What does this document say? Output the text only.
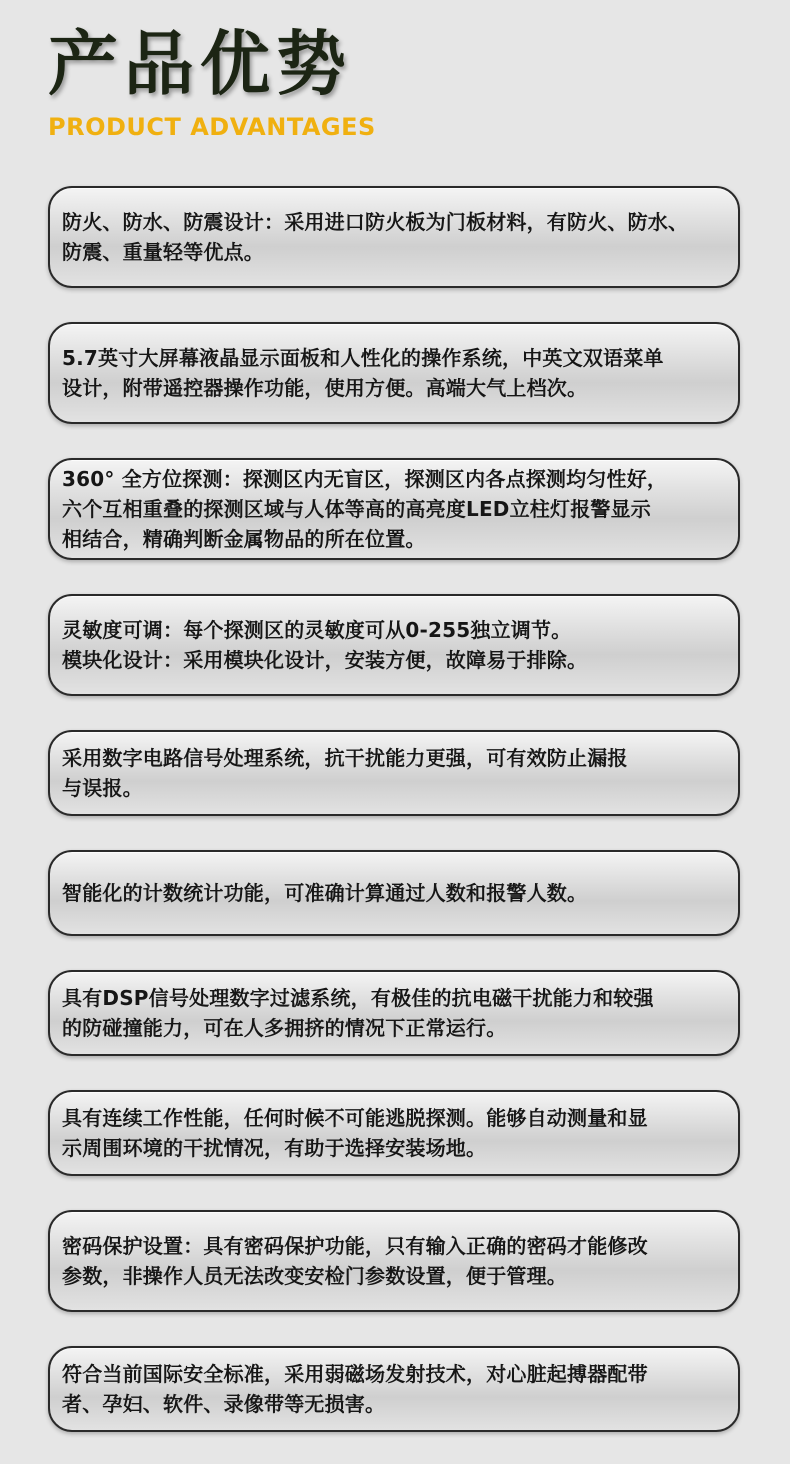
产品优势
PRODUCT ADVANTAGES
防火、防水、防震设计：采用进口防火板为门板材料，有防火、防水、
防震、重量轻等优点。
5.7英寸大屏幕液晶显示面板和人性化的操作系统，中英文双语菜单
设计，附带遥控器操作功能，使用方便。高端大气上档次。
360° 全方位探测：探测区内无盲区，探测区内各点探测均匀性好，
六个互相重叠的探测区域与人体等高的高亮度LED立柱灯报警显示
相结合，精确判断金属物品的所在位置。
灵敏度可调：每个探测区的灵敏度可从0-255独立调节。
模块化设计：采用模块化设计，安装方便，故障易于排除。
采用数字电路信号处理系统，抗干扰能力更强，可有效防止漏报
与误报。
智能化的计数统计功能，可准确计算通过人数和报警人数。
具有DSP信号处理数字过滤系统，有极佳的抗电磁干扰能力和较强
的防碰撞能力，可在人多拥挤的情况下正常运行。
具有连续工作性能，任何时候不可能逃脱探测。能够自动测量和显
示周围环境的干扰情况，有助于选择安装场地。
密码保护设置：具有密码保护功能，只有输入正确的密码才能修改
参数，非操作人员无法改变安检门参数设置，便于管理。
符合当前国际安全标准，采用弱磁场发射技术，对心脏起搏器配带
者、孕妇、软件、录像带等无损害。
